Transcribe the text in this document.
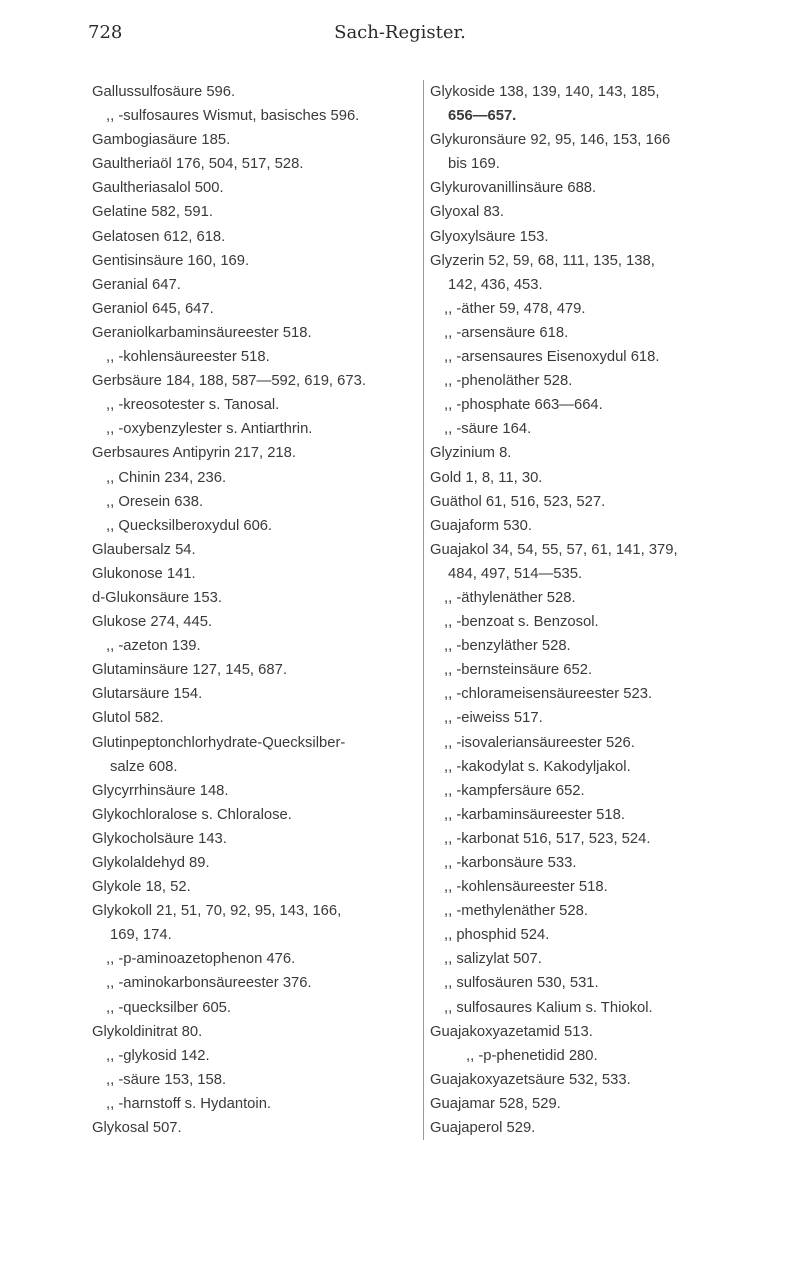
728	Sach-Register.
Gallussulfosäure 596.
,, -sulfosaures Wismut, basisches 596.
Gambogiasäure 185.
Gaultheriaöl 176, 504, 517, 528.
Gaultheriasalol 500.
Gelatine 582, 591.
Gelatosen 612, 618.
Gentisinsäure 160, 169.
Geranial 647.
Geraniol 645, 647.
Geraniolkarbaminsäureester 518.
,, -kohlensäureester 518.
Gerbsäure 184, 188, 587—592, 619, 673.
,, -kreosotester s. Tanosal.
,, -oxybenzylester s. Antiarthrin.
Gerbsaures Antipyrin 217, 218.
,, Chinin 234, 236.
,, Oresein 638.
,, Quecksilberoxydul 606.
Glaubersalz 54.
Glukonose 141.
d-Glukonsäure 153.
Glukose 274, 445.
,, -azeton 139.
Glutaminsäure 127, 145, 687.
Glutarsäure 154.
Glutol 582.
Glutinpeptonchlorhydrate-Quecksilber-
salze 608.
Glycyrrhinsäure 148.
Glykochloralose s. Chloralose.
Glykocholsäure 143.
Glykolaldehyd 89.
Glykole 18, 52.
Glykokoll 21, 51, 70, 92, 95, 143, 166,
169, 174.
,, -p-aminoazetophenon 476.
,, -aminokarbonsäureester 376.
,, -quecksilber 605.
Glykoldinitrat 80.
,, -glykosid 142.
,, -säure 153, 158.
,, -harnstoff s. Hydantoin.
Glykosal 507.
Glykoside 138, 139, 140, 143, 185,
656—657.
Glykuronsäure 92, 95, 146, 153, 166
bis 169.
Glykurovanillinsäure 688.
Glyoxal 83.
Glyoxylsäure 153.
Glyzerin 52, 59, 68, 111, 135, 138,
142, 436, 453.
,, -äther 59, 478, 479.
,, -arsensäure 618.
,, -arsensaures Eisenoxydul 618.
,, -phenoläther 528.
,, -phosphate 663—664.
,, -säure 164.
Glyzinium 8.
Gold 1, 8, 11, 30.
Guäthol 61, 516, 523, 527.
Guajaform 530.
Guajakol 34, 54, 55, 57, 61, 141, 379,
484, 497, 514—535.
,, -äthylenäther 528.
,, -benzoat s. Benzosol.
,, -benzyläther 528.
,, -bernsteinsäure 652.
,, -chlorameisensäureester 523.
,, -eiweiss 517.
,, -isovaleriansäureester 526.
,, -kakodylat s. Kakodyljakol.
,, -kampfersäure 652.
,, -karbaminsäureester 518.
,, -karbonat 516, 517, 523, 524.
,, -karbonsäure 533.
,, -kohlensäureester 518.
,, -methylenäther 528.
,, phosphid 524.
,, salizylat 507.
,, sulfosäuren 530, 531.
,, sulfosaures Kalium s. Thiokol.
Guajakoxyazetamid 513.
,, -p-phenetidid 280.
Guajakoxyazetsäure 532, 533.
Guajamar 528, 529.
Guajaperol 529.
